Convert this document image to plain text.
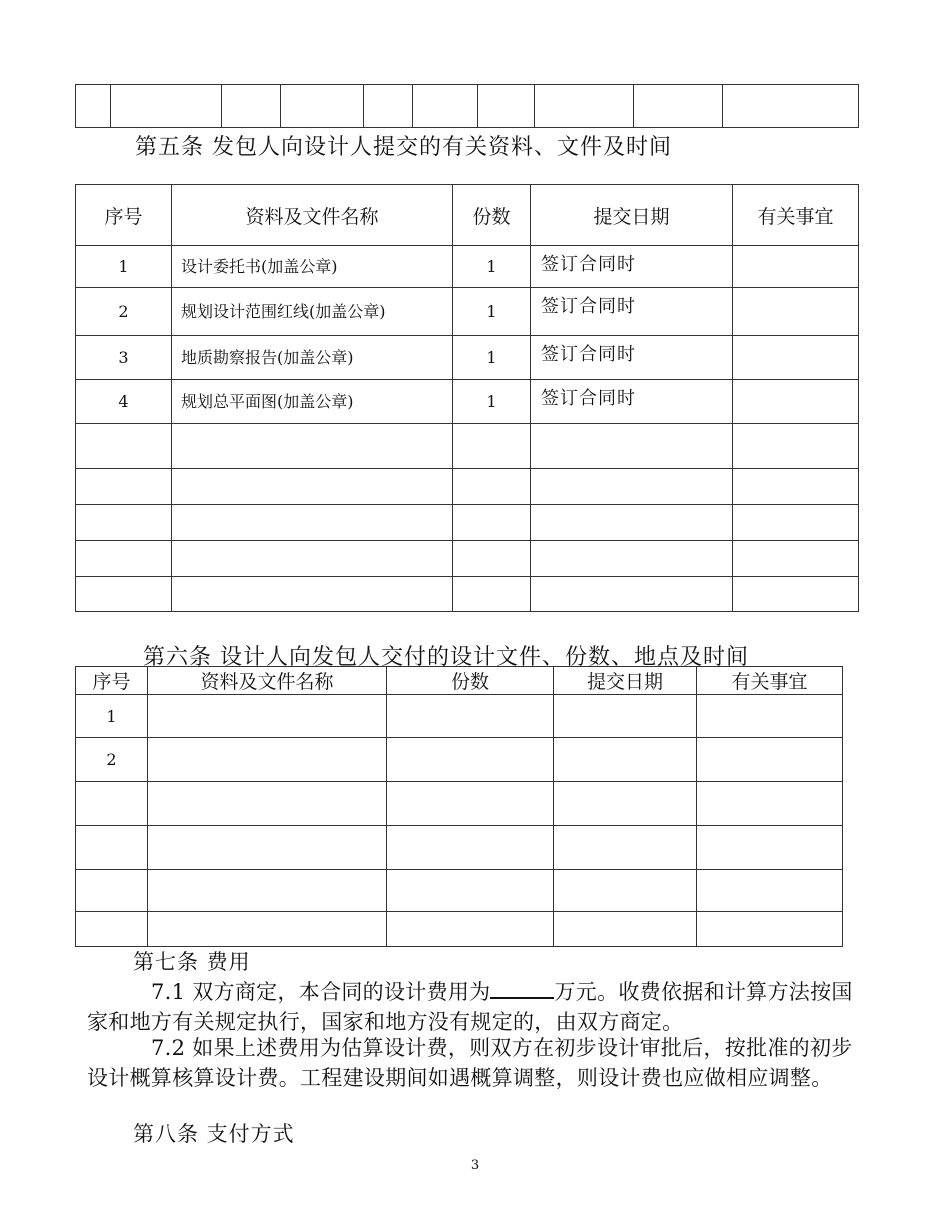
第五条 发包人向设计人提交的有关资料、文件及时间
序号	资料及文件名称	份数	提交日期	有关事宜
1	设计委托书(加盖公章)	1	签订合同时	
2	规划设计范围红线(加盖公章)	1	签订合同时	
3	地质勘察报告(加盖公章)	1	签订合同时	
4	规划总平面图(加盖公章)	1	签订合同时	

第六条 设计人向发包人交付的设计文件、份数、地点及时间
序号	资料及文件名称	份数	提交日期	有关事宜
1				
2				

第七条 费用
7.1 双方商定，本合同的设计费用为	万元。收费依据和计算方法按国家和地方有关规定执行，国家和地方没有规定的，由双方商定。
7.2 如果上述费用为估算设计费，则双方在初步设计审批后，按批准的初步设计概算核算设计费。工程建设期间如遇概算调整，则设计费也应做相应调整。
第八条 支付方式
3
